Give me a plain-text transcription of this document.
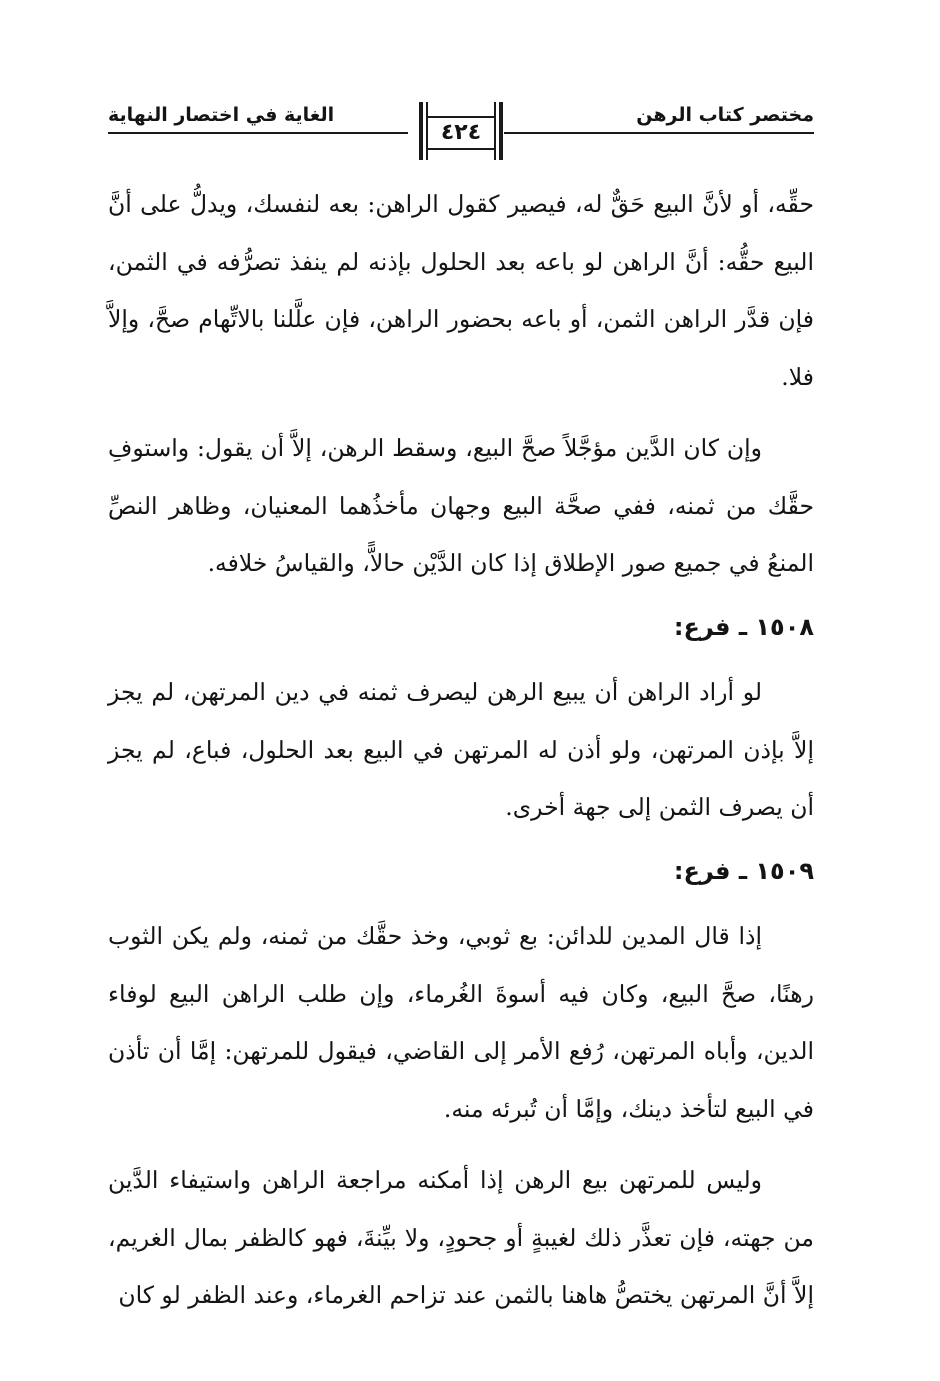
مختصر كتاب الرهن
٤٢٤
الغاية في اختصار النهاية

حقِّه، أو لأنَّ البيع حَقٌّ له، فيصير كقول الراهن: بعه لنفسك، ويدلُّ على أنَّ البيع حقُّه: أنَّ الراهن لو باعه بعد الحلول بإذنه لم ينفذ تصرُّفه في الثمن، فإن قدَّر الراهن الثمن، أو باعه بحضور الراهن، فإن علَّلنا بالاتِّهام صحَّ، وإلاَّ فلا.

وإن كان الدَّين مؤجَّلاً صحَّ البيع، وسقط الرهن، إلاَّ أن يقول: واستوفِ حقَّك من ثمنه، ففي صحَّة البيع وجهان مأخذُهما المعنيان، وظاهر النصِّ المنعُ في جميع صور الإطلاق إذا كان الدَّيْن حالاًّ، والقياسُ خلافه.

١٥٠٨ ـ فرع:

لو أراد الراهن أن يبيع الرهن ليصرف ثمنه في دين المرتهن، لم يجز إلاَّ بإذن المرتهن، ولو أذن له المرتهن في البيع بعد الحلول، فباع، لم يجز أن يصرف الثمن إلى جهة أخرى.

١٥٠٩ ـ فرع:

إذا قال المدين للدائن: بع ثوبي، وخذ حقَّك من ثمنه، ولم يكن الثوب رهنًا، صحَّ البيع، وكان فيه أسوةَ الغُرماء، وإن طلب الراهن البيع لوفاء الدين، وأباه المرتهن، رُفع الأمر إلى القاضي، فيقول للمرتهن: إمَّا أن تأذن في البيع لتأخذ دينك، وإمَّا أن تُبرئه منه.

وليس للمرتهن بيع الرهن إذا أمكنه مراجعة الراهن واستيفاء الدَّين من جهته، فإن تعذَّر ذلك لغيبةٍ أو جحودٍ، ولا بيِّنةَ، فهو كالظفر بمال الغريم، إلاَّ أنَّ المرتهن يختصُّ هاهنا بالثمن عند تزاحم الغرماء، وعند الظفر لو كان
